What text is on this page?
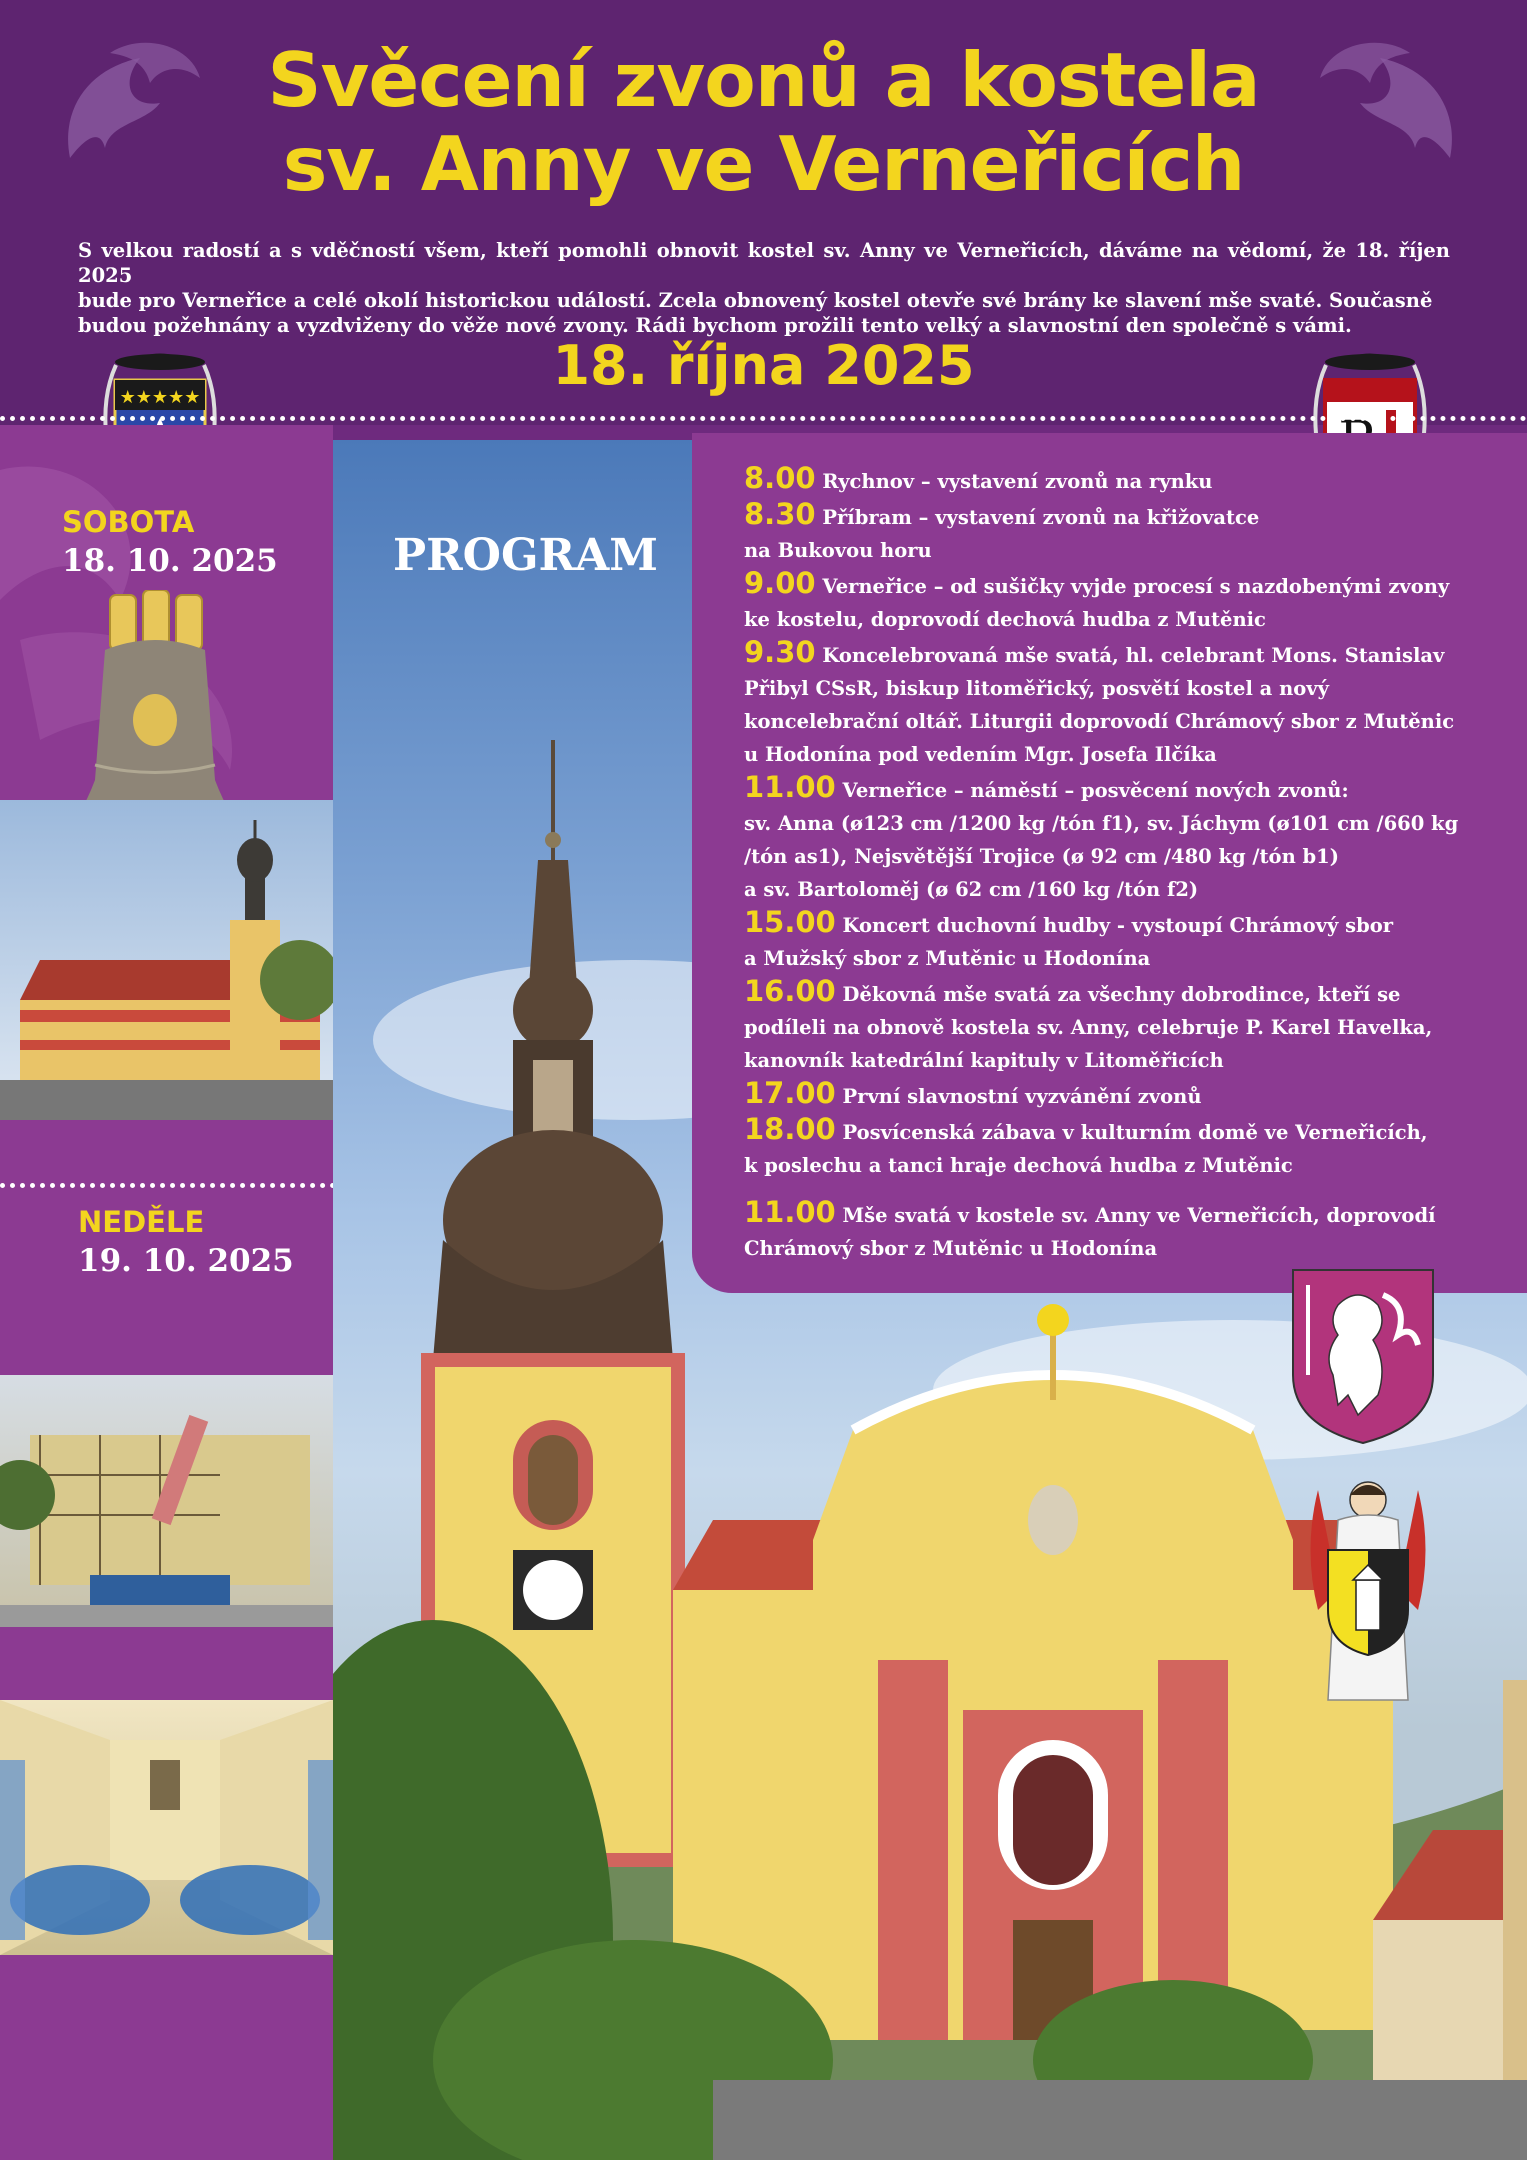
Svěcení zvonů a kostela
sv. Anny ve Verneřicích
S velkou radostí a s vděčností všem, kteří pomohli obnovit kostel sv. Anny ve Verneřicích, dáváme na vědomí, že 18. říjen 2025
bude pro Verneřice a celé okolí historickou událostí. Zcela obnovený kostel otevře své brány ke slavení mše svaté. Současně
budou požehnány a vyzdviženy do věže nové zvony. Rádi bychom prožili tento velký a slavnostní den společně s vámi.
18. října 2025
★★★★★
SOBOTA
18. 10. 2025
NEDĚLE
19. 10. 2025
PROGRAM
8.00 Rychnov – vystavení zvonů na rynku
8.30 Příbram – vystavení zvonů na křižovatce
na Bukovou horu
9.00 Verneřice – od sušičky vyjde procesí s nazdobenými zvony
ke kostelu, doprovodí dechová hudba z Mutěnic
9.30 Koncelebrovaná mše svatá, hl. celebrant Mons. Stanislav
Přibyl CSsR, biskup litoměřický, posvětí kostel a nový
koncelebrační oltář. Liturgii doprovodí Chrámový sbor z Mutěnic
u Hodonína pod vedením Mgr. Josefa Ilčíka
11.00 Verneřice – náměstí – posvěcení nových zvonů:
sv. Anna (ø123 cm /1200 kg /tón f1), sv. Jáchym (ø101 cm /660 kg
/tón as1), Nejsvětější Trojice (ø 92 cm /480 kg /tón b1)
a sv. Bartoloměj (ø 62 cm /160 kg /tón f2)
15.00 Koncert duchovní hudby - vystoupí Chrámový sbor
a Mužský sbor z Mutěnic u Hodonína
16.00 Děkovná mše svatá za všechny dobrodince, kteří se
podíleli na obnově kostela sv. Anny, celebruje P. Karel Havelka,
kanovník katedrální kapituly v Litoměřicích
17.00 První slavnostní vyzvánění zvonů
18.00 Posvícenská zábava v kulturním domě ve Verneřicích,
k poslechu a tanci hraje dechová hudba z Mutěnic
11.00 Mše svatá v kostele sv. Anny ve Verneřicích, doprovodí
Chrámový sbor z Mutěnic u Hodonína
